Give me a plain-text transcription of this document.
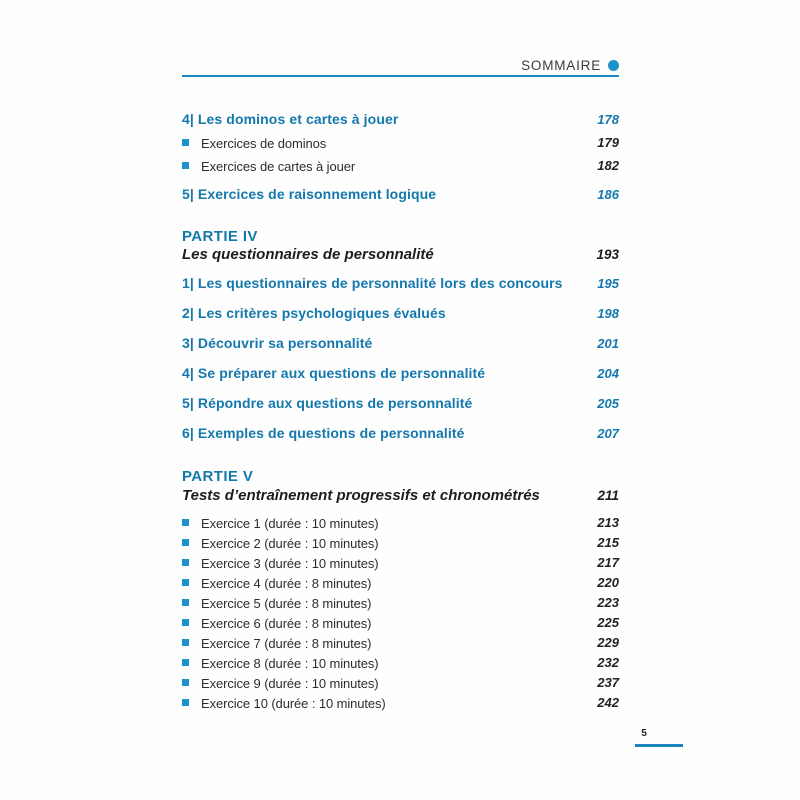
SOMMAIRE
4| Les dominos et cartes à jouer	178
Exercices de dominos	179
Exercices de cartes à jouer	182
5| Exercices de raisonnement logique	186
PARTIE IV
Les questionnaires de personnalité	193
1| Les questionnaires de personnalité lors des concours	195
2| Les critères psychologiques évalués	198
3| Découvrir sa personnalité	201
4| Se préparer aux questions de personnalité	204
5| Répondre aux questions de personnalité	205
6| Exemples de questions de personnalité	207
PARTIE V
Tests d’entraînement progressifs et chronométrés	211
Exercice 1 (durée : 10 minutes)	213
Exercice 2 (durée : 10 minutes)	215
Exercice 3 (durée : 10 minutes)	217
Exercice 4 (durée : 8 minutes)	220
Exercice 5 (durée : 8 minutes)	223
Exercice 6 (durée : 8 minutes)	225
Exercice 7 (durée : 8 minutes)	229
Exercice 8 (durée : 10 minutes)	232
Exercice 9 (durée : 10 minutes)	237
Exercice 10 (durée : 10 minutes)	242
5
